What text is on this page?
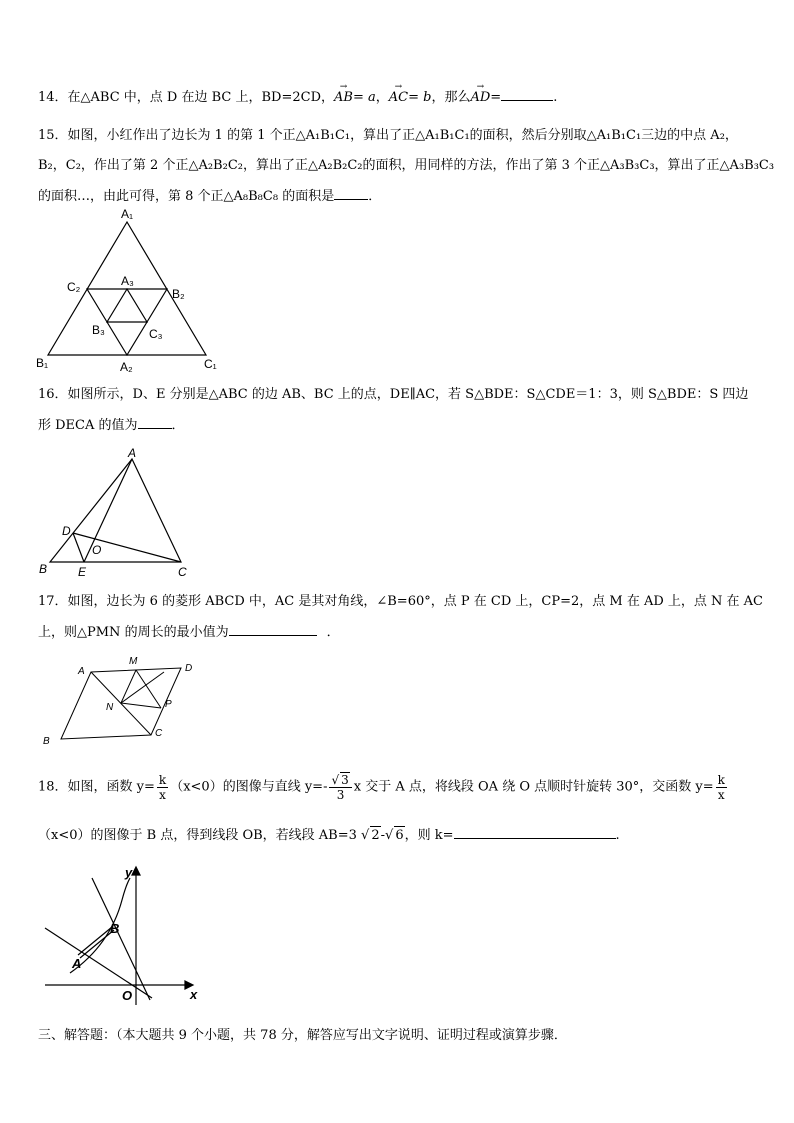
14．在△ABC 中，点 D 在边 BC 上，BD=2CD，→ AB= a，→ AC= b，那么→ AD=	.
15．如图，小红作出了边长为 1 的第 1 个正△A₁B₁C₁，算出了正△A₁B₁C₁的面积，然后分别取△A₁B₁C₁三边的中点 A₂，
B₂，C₂，作出了第 2 个正△A₂B₂C₂，算出了正△A₂B₂C₂的面积，用同样的方法，作出了第 3 个正△A₃B₃C₃，算出了正△A₃B₃C₃
的面积…，由此可得，第 8 个正△A₈B₈C₈ 的面积是	．
A₁
C₂	B₂
A₃
B₃	C₃
B₁	A₂	C₁
16．如图所示，D、E 分别是△ABC 的边 AB、BC 上的点，DE∥AC，若 S△BDE：S△CDE＝1：3，则 S△BDE：S 四边
形 DECA 的值为	．
A
D
O
B	E	C
17．如图，边长为 6 的菱形 ABCD 中，AC 是其对角线，∠B=60°，点 P 在 CD 上，CP=2，点 M 在 AD 上，点 N 在 AC
上，则△PMN 的周长的最小值为	．
A
M
D
N	P
B
C
18．如图，函数 $y= \frac{k}{x} (x<0)$的图像与直线 $y=- \frac{√ 3}{3}$ x 交于 A 点，将线段 OA 绕 O 点顺时针旋转 30°，交函数 $y= \frac{k}{x}$
（x<0）的图像于 B 点，得到线段 OB，若线段 AB=3 √ 2-√ 6，则 k=	.
y
B
A
O	x
三、解答题：（本大题共 9 个小题，共 78 分，解答应写出文字说明、证明过程或演算步骤．
